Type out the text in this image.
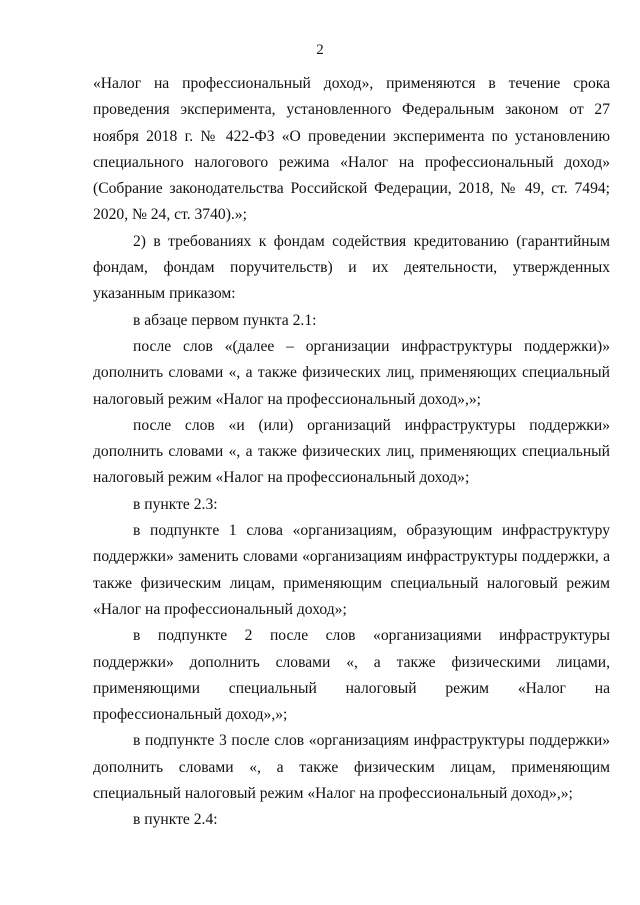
2

«Налог на профессиональный доход», применяются в течение срока проведения эксперимента, установленного Федеральным законом от 27 ноября 2018 г. № 422-ФЗ «О проведении эксперимента по установлению специального налогового режима «Налог на профессиональный доход» (Собрание законодательства Российской Федерации, 2018, № 49, ст. 7494; 2020, № 24, ст. 3740).»;

2) в требованиях к фондам содействия кредитованию (гарантийным фондам, фондам поручительств) и их деятельности, утвержденных указанным приказом:

в абзаце первом пункта 2.1:

после слов «(далее – организации инфраструктуры поддержки)» дополнить словами «, а также физических лиц, применяющих специальный налоговый режим «Налог на профессиональный доход»,»;

после слов «и (или) организаций инфраструктуры поддержки» дополнить словами «, а также физических лиц, применяющих специальный налоговый режим «Налог на профессиональный доход»;

в пункте 2.3:

в подпункте 1 слова «организациям, образующим инфраструктуру поддержки» заменить словами «организациям инфраструктуры поддержки, а также физическим лицам, применяющим специальный налоговый режим «Налог на профессиональный доход»;

в подпункте 2 после слов «организациями инфраструктуры поддержки» дополнить словами «, а также физическими лицами, применяющими специальный налоговый режим «Налог на профессиональный доход»,»;

в подпункте 3 после слов «организациям инфраструктуры поддержки» дополнить словами «, а также физическим лицам, применяющим специальный налоговый режим «Налог на профессиональный доход»,»;

в пункте 2.4:
